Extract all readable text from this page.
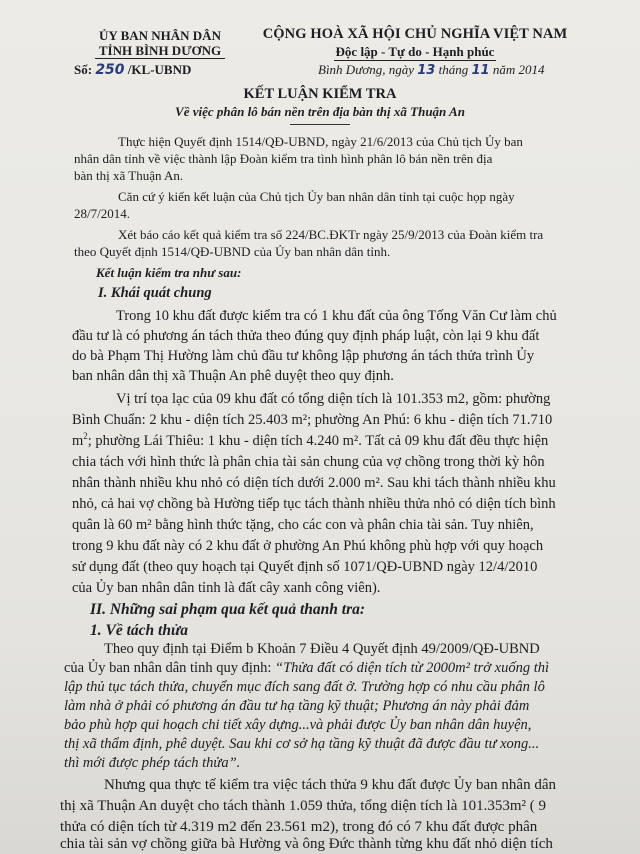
ỦY BAN NHÂN DÂN
TỈNH BÌNH DƯƠNG
CỘNG HOÀ XÃ HỘI CHỦ NGHĨA VIỆT NAM
Độc lập - Tự do - Hạnh phúc
Số: 250 /KL-UBND	Bình Dương, ngày 13 tháng 11 năm 2014
KẾT LUẬN KIỂM TRA
Về việc phân lô bán nền trên địa bàn thị xã Thuận An
Thực hiện Quyết định 1514/QĐ-UBND, ngày 21/6/2013 của Chủ tịch Ủy ban
nhân dân tỉnh về việc thành lập Đoàn kiểm tra tình hình phân lô bán nền trên địa
bàn thị xã Thuận An.
Căn cứ ý kiến kết luận của Chủ tịch Ủy ban nhân dân tỉnh tại cuộc họp ngày
28/7/2014.
Xét báo cáo kết quả kiểm tra số 224/BC.ĐKTr ngày 25/9/2013 của Đoàn kiểm tra
theo Quyết định 1514/QĐ-UBND của Ủy ban nhân dân tỉnh.
Kết luận kiểm tra như sau:
I. Khái quát chung
Trong 10 khu đất được kiểm tra có 1 khu đất của ông Tống Văn Cư làm chủ
đầu tư là có phương án tách thửa theo đúng quy định pháp luật, còn lại 9 khu đất
do bà Phạm Thị Hường làm chủ đầu tư không lập phương án tách thửa trình Ủy
ban nhân dân thị xã Thuận An phê duyệt theo quy định.
Vị trí tọa lạc của 09 khu đất có tổng diện tích là 101.353 m2, gồm: phường
Bình Chuẩn: 2 khu - diện tích 25.403 m²; phường An Phú: 6 khu - diện tích 71.710
$m^2$; phường Lái Thiêu: 1 khu - diện tích 4.240 m². Tất cả 09 khu đất đều thực hiện
chia tách với hình thức là phân chia tài sản chung của vợ chồng trong thời kỳ hôn
nhân thành nhiều khu nhỏ có diện tích dưới 2.000 m². Sau khi tách thành nhiều khu
nhỏ, cả hai vợ chồng bà Hường tiếp tục tách thành nhiều thửa nhỏ có diện tích bình
quân là 60 m² bằng hình thức tặng, cho các con và phân chia tài sản. Tuy nhiên,
trong 9 khu đất này có 2 khu đất ở phường An Phú không phù hợp với quy hoạch
sử dụng đất (theo quy hoạch tại Quyết định số 1071/QĐ-UBND ngày 12/4/2010
của Ủy ban nhân dân tỉnh là đất cây xanh công viên).
II. Những sai phạm qua kết quả thanh tra:
1. Về tách thửa
Theo quy định tại Điểm b Khoản 7 Điều 4 Quyết định 49/2009/QĐ-UBND
của Ủy ban nhân dân tỉnh quy định: “Thửa đất có diện tích từ 2000m² trở xuống thì
lập thủ tục tách thửa, chuyển mục đích sang đất ở. Trường hợp có nhu cầu phân lô
làm nhà ở phải có phương án đầu tư hạ tầng kỹ thuật; Phương án này phải đảm
bảo phù hợp qui hoạch chi tiết xây dựng...và phải được Ủy ban nhân dân huyện,
thị xã thẩm định, phê duyệt. Sau khi cơ sở hạ tầng kỹ thuật đã được đầu tư xong...
thì mới được phép tách thửa”.
Nhưng qua thực tế kiểm tra việc tách thửa 9 khu đất được Ủy ban nhân dân
thị xã Thuận An duyệt cho tách thành 1.059 thửa, tổng diện tích là 101.353m² ( 9
thửa có diện tích từ 4.319 m2 đến 23.561 m2), trong đó có 7 khu đất được phân
chia tài sản vợ chồng giữa bà Hường và ông Đức thành từng khu đất nhỏ diện tích
